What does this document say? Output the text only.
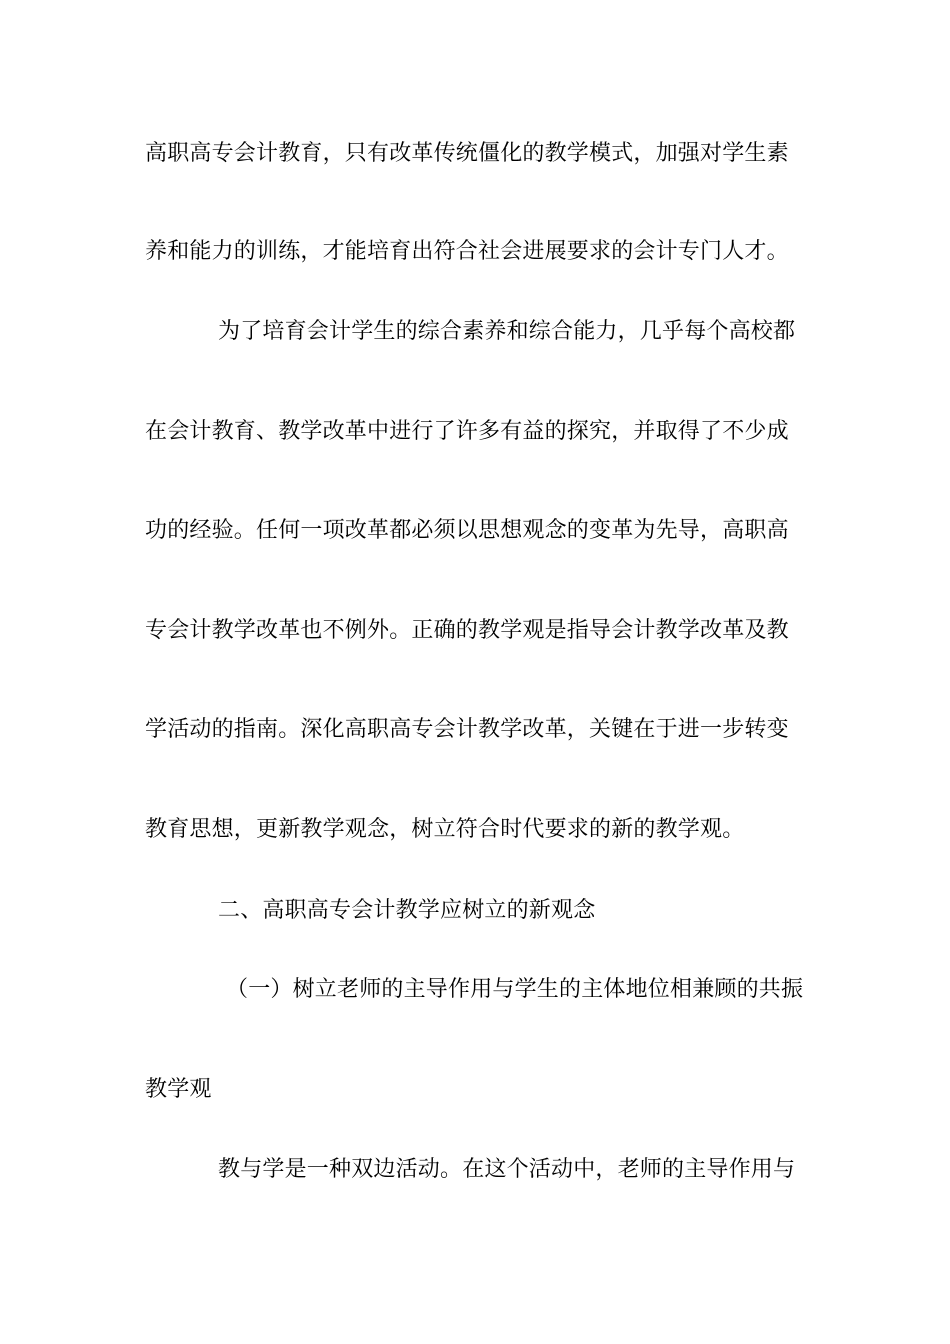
高职高专会计教育，只有改革传统僵化的教学模式，加强对学生素
养和能力的训练，才能培育出符合社会进展要求的会计专门人才。
为了培育会计学生的综合素养和综合能力，几乎每个高校都
在会计教育、教学改革中进行了许多有益的探究，并取得了不少成
功的经验。任何一项改革都必须以思想观念的变革为先导，高职高
专会计教学改革也不例外。正确的教学观是指导会计教学改革及教
学活动的指南。深化高职高专会计教学改革，关键在于进一步转变
教育思想，更新教学观念，树立符合时代要求的新的教学观。
二、高职高专会计教学应树立的新观念
（一）树立老师的主导作用与学生的主体地位相兼顾的共振
教学观
教与学是一种双边活动。在这个活动中，老师的主导作用与
